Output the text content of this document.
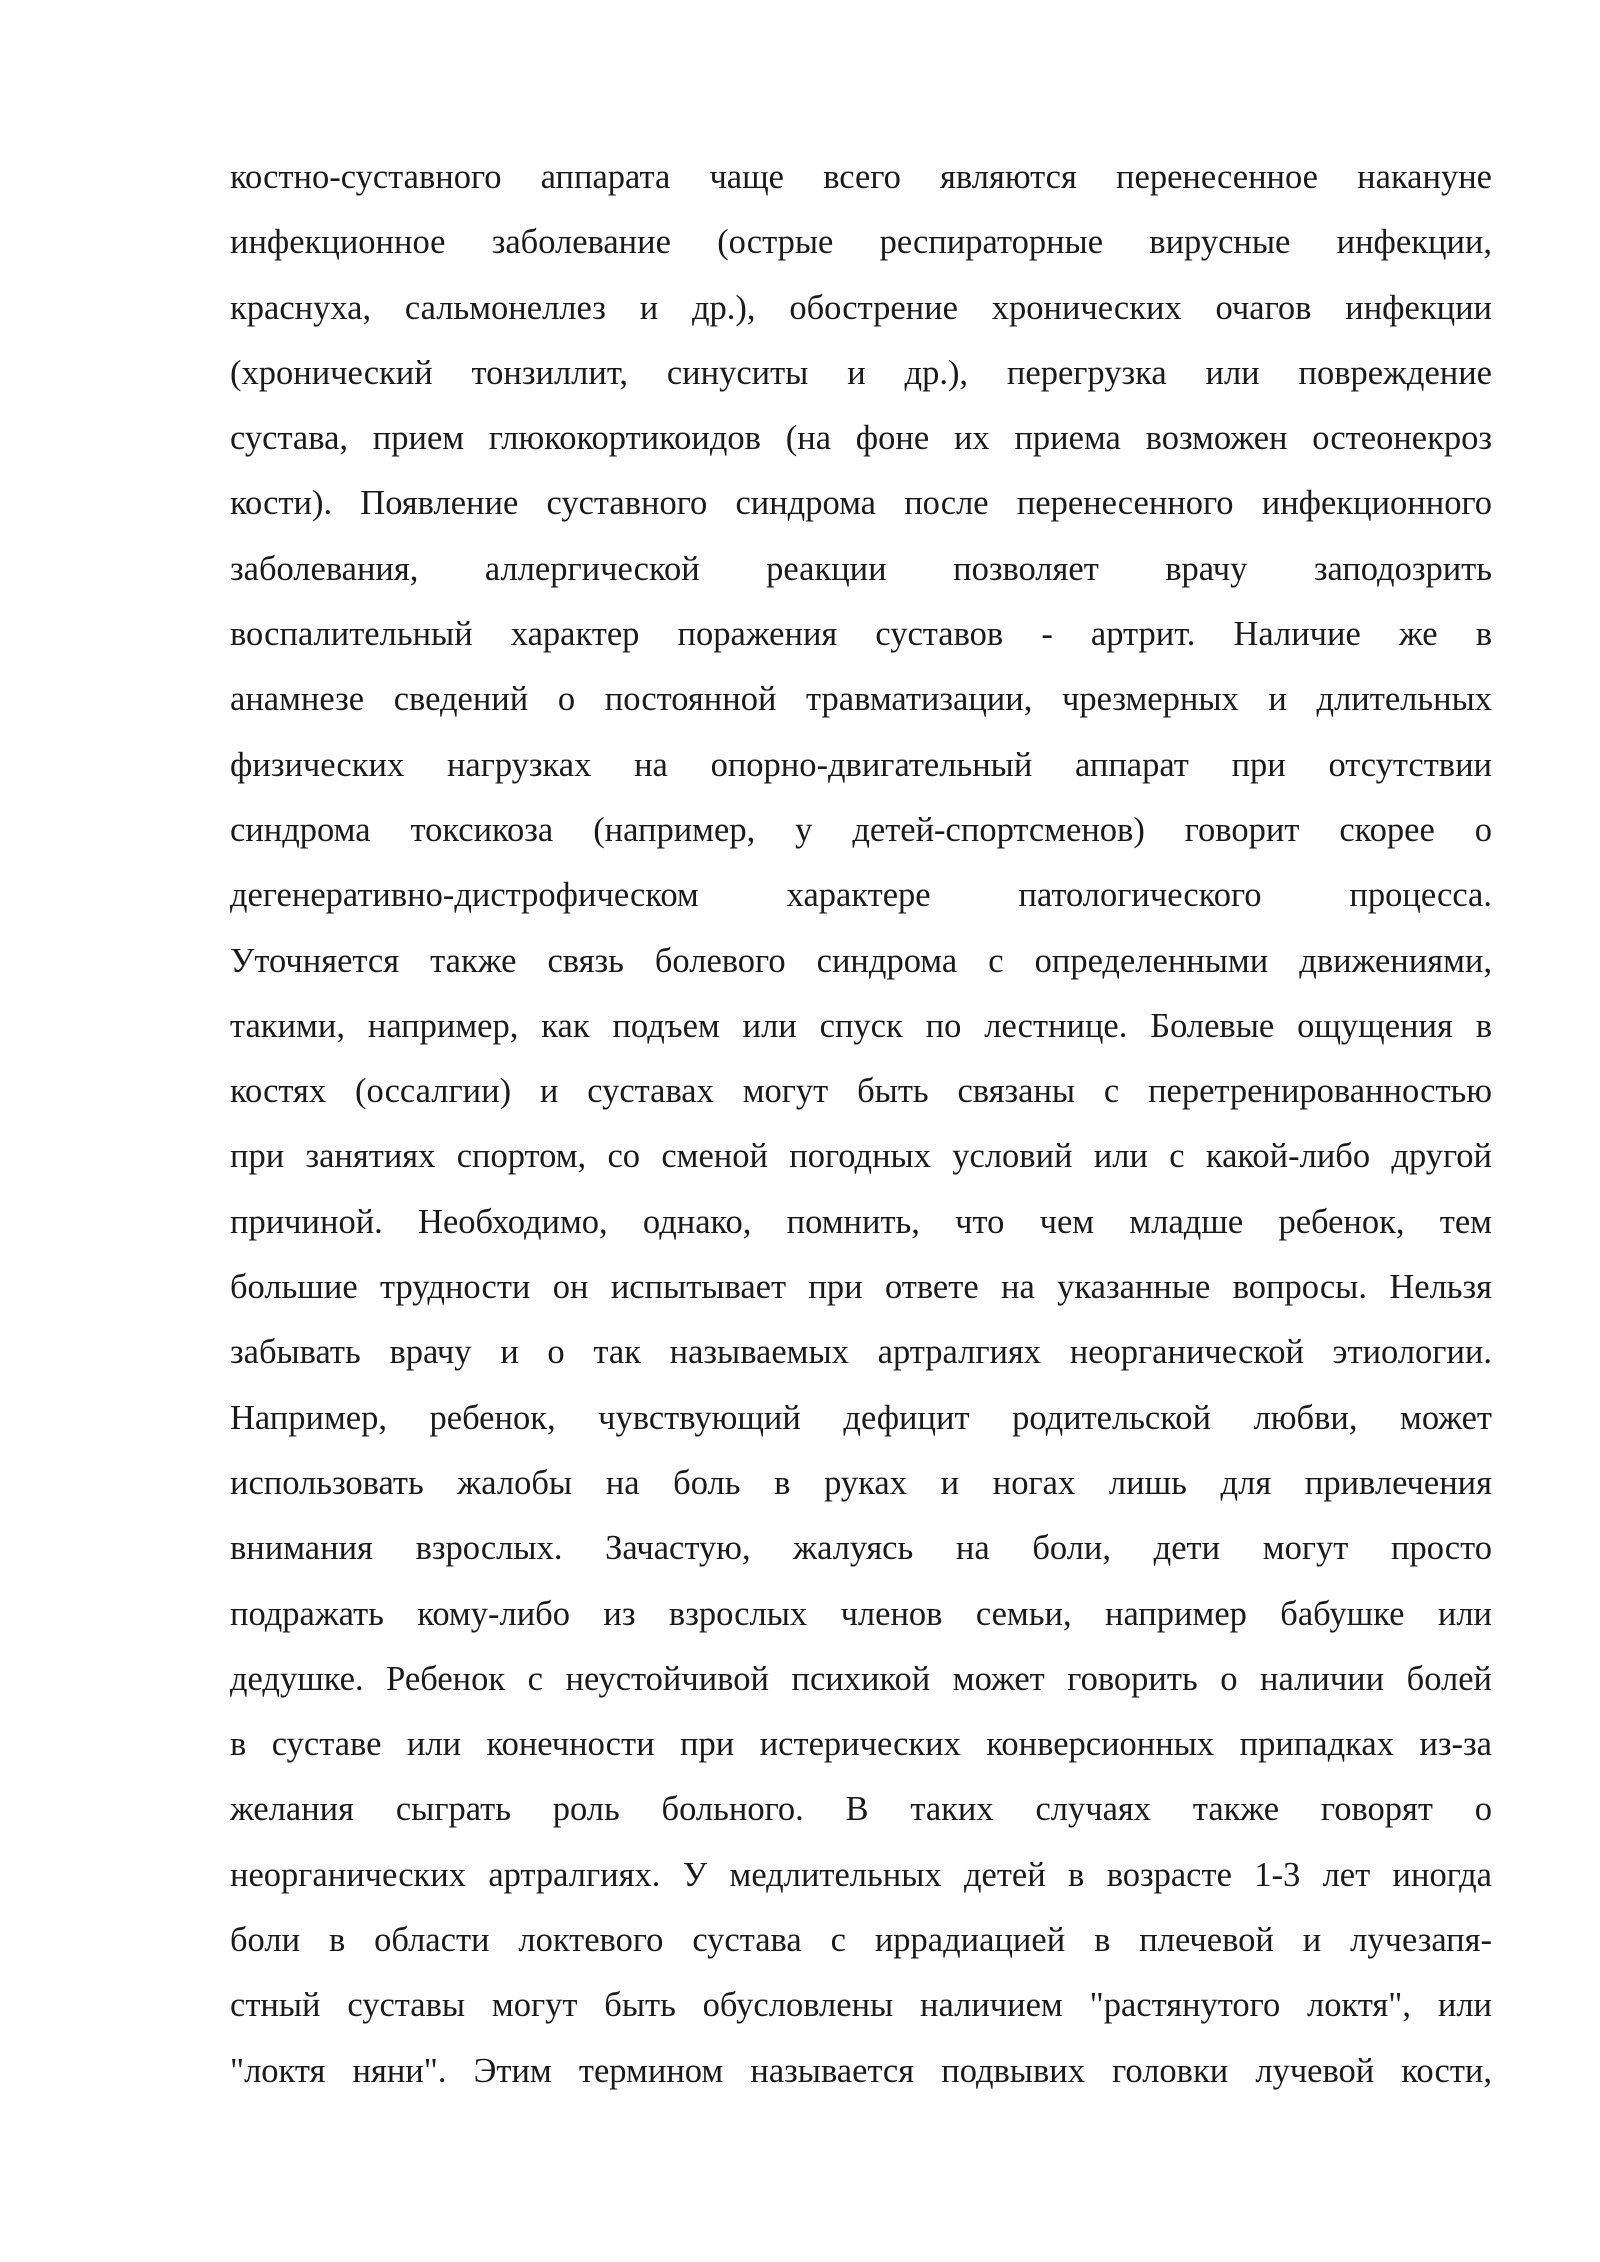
костно-суставного аппарата чаще всего являются перенесенное накануне
инфекционное заболевание (острые респираторные вирусные инфекции,
краснуха, сальмонеллез и др.), обострение хронических очагов инфекции
(хронический тонзиллит, синуситы и др.), перегрузка или повреждение
сустава, прием глюкокортикоидов (на фоне их приема возможен остеонекроз
кости). Появление суставного синдрома после перенесенного инфекционного
заболевания, аллергической реакции позволяет врачу заподозрить
воспалительный характер поражения суставов - артрит. Наличие же в
анамнезе сведений о постоянной травматизации, чрезмерных и длительных
физических нагрузках на опорно-двигательный аппарат при отсутствии
синдрома токсикоза (например, у детей-спортсменов) говорит скорее о
дегенеративно-дистрофическом характере патологического процесса.
Уточняется также связь болевого синдрома с определенными движениями,
такими, например, как подъем или спуск по лестнице. Болевые ощущения в
костях (оссалгии) и суставах могут быть связаны с перетренированностью
при занятиях спортом, со сменой погодных условий или с какой-либо другой
причиной. Необходимо, однако, помнить, что чем младше ребенок, тем
большие трудности он испытывает при ответе на указанные вопросы. Нельзя
забывать врачу и о так называемых артралгиях неорганической этиологии.
Например, ребенок, чувствующий дефицит родительской любви, может
использовать жалобы на боль в руках и ногах лишь для привлечения
внимания взрослых. Зачастую, жалуясь на боли, дети могут просто
подражать кому-либо из взрослых членов семьи, например бабушке или
дедушке. Ребенок с неустойчивой психикой может говорить о наличии болей
в суставе или конечности при истерических конверсионных припадках из-за
желания сыграть роль больного. В таких случаях также говорят о
неорганических артралгиях. У медлительных детей в возрасте 1-3 лет иногда
боли в области локтевого сустава с иррадиацией в плечевой и лучезапя-
стный суставы могут быть обусловлены наличием "растянутого локтя", или
"локтя няни". Этим термином называется подвывих головки лучевой кости,
